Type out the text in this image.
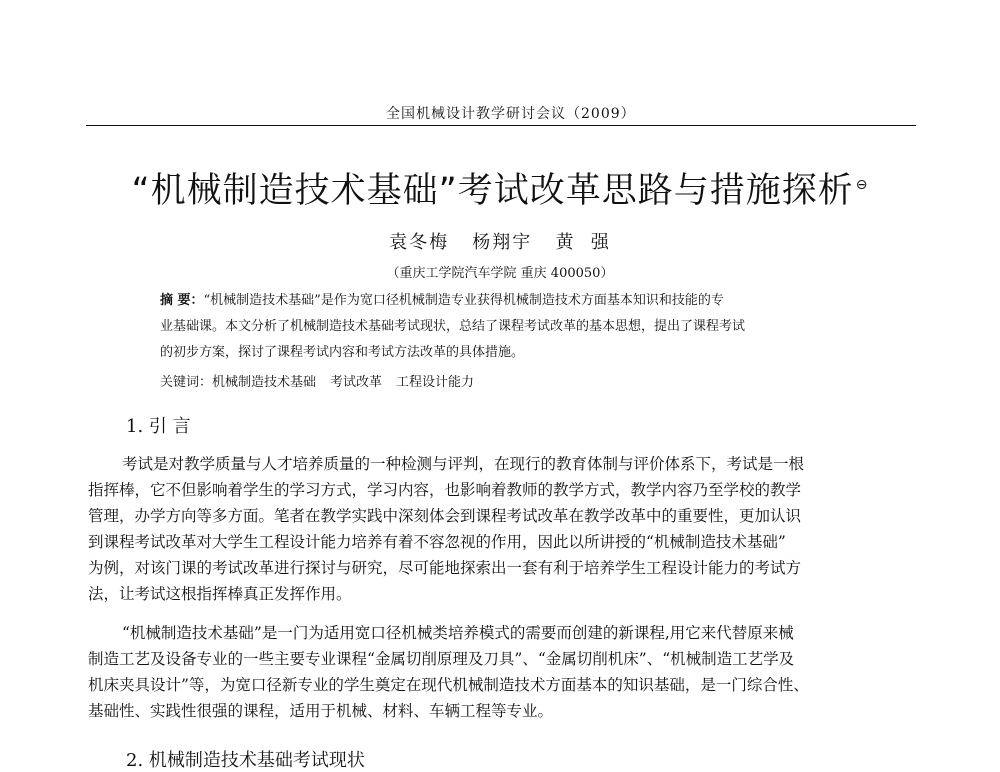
全国机械设计教学研讨会议（2009）
“机械制造技术基础”考试改革思路与措施探析 ⊖
袁冬梅   杨翔宇   黄  强
（重庆工学院汽车学院 重庆 400050）
摘 要：“机械制造技术基础”是作为宽口径机械制造专业获得机械制造技术方面基本知识和技能的专
业基础课。本文分析了机械制造技术基础考试现状，总结了课程考试改革的基本思想，提出了课程考试
的初步方案，探讨了课程考试内容和考试方法改革的具体措施。
关键词：机械制造技术基础 考试改革 工程设计能力
1. 引 言
考试是对教学质量与人才培养质量的一种检测与评判，在现行的教育体制与评价体系下，考试是一根
指挥棒，它不但影响着学生的学习方式，学习内容，也影响着教师的教学方式，教学内容乃至学校的教学
管理，办学方向等多方面。笔者在教学实践中深刻体会到课程考试改革在教学改革中的重要性，更加认识
到课程考试改革对大学生工程设计能力培养有着不容忽视的作用，因此以所讲授的“机械制造技术基础”
为例，对该门课的考试改革进行探讨与研究，尽可能地探索出一套有利于培养学生工程设计能力的考试方
法，让考试这根指挥棒真正发挥作用。
“机械制造技术基础”是一门为适用宽口径机械类培养模式的需要而创建的新课程,用它来代替原来械
制造工艺及设备专业的一些主要专业课程“金属切削原理及刀具”、“金属切削机床”、“机械制造工艺学及
机床夹具设计”等，为宽口径新专业的学生奠定在现代机械制造技术方面基本的知识基础，是一门综合性、
基础性、实践性很强的课程，适用于机械、材料、车辆工程等专业。
2. 机械制造技术基础考试现状
